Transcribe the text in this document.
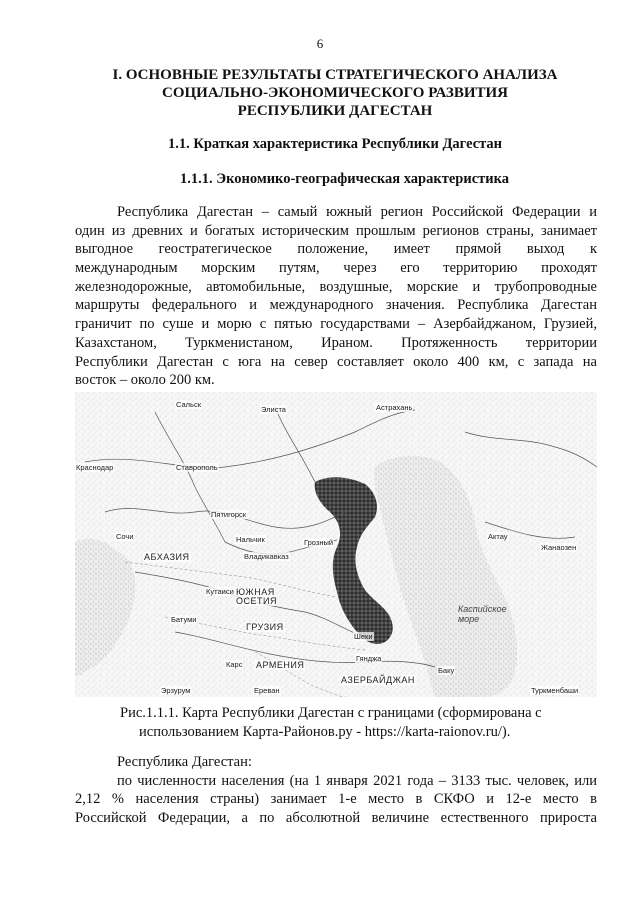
6
I. ОСНОВНЫЕ РЕЗУЛЬТАТЫ СТРАТЕГИЧЕСКОГО АНАЛИЗА
СОЦИАЛЬНО-ЭКОНОМИЧЕСКОГО РАЗВИТИЯ
РЕСПУБЛИКИ ДАГЕСТАН
1.1. Краткая характеристика Республики Дагестан
1.1.1. Экономико-географическая характеристика
Республика Дагестан – самый южный регион Российской Федерации и
один из древних и богатых историческим прошлым регионов страны, занимает
выгодное геостратегическое положение, имеет прямой выход к
международным морским путям, через его территорию проходят
железнодорожные, автомобильные, воздушные, морские и трубопроводные
маршруты федерального и международного значения. Республика Дагестан
граничит по суше и морю с пятью государствами – Азербайджаном, Грузией,
Казахстаном, Туркменистаном, Ираном. Протяженность территории
Республики Дагестан с юга на север составляет около 400 км, с запада на
восток – около 200 км.
Сальск
Элиста	Астрахань
Краснодар	Ставрополь
Пятигорск
Нальчик	Грозный
Владикавказ
Сочи
АБХАЗИЯ
ЮЖНАЯ ОСЕТИЯ
Кутаиси
Батуми
ГРУЗИЯ
Шеки
АРМЕНИЯ
АЗЕРБАЙДЖАН
Карс
Гянджа
Ереван
Эрзурум
Баку
Актау
Жанаозен
Каспийское море
Туркменбаши
Рис.1.1.1. Карта Республики Дагестан с границами (сформирована с
использованием Карта-Районов.ру - https://karta-raionov.ru/).
Республика Дагестан:
по численности населения (на 1 января 2021 года – 3133 тыс. человек, или
2,12 % населения страны) занимает 1-е место в СКФО и 12-е место в
Российской Федерации, а по абсолютной величине естественного прироста
